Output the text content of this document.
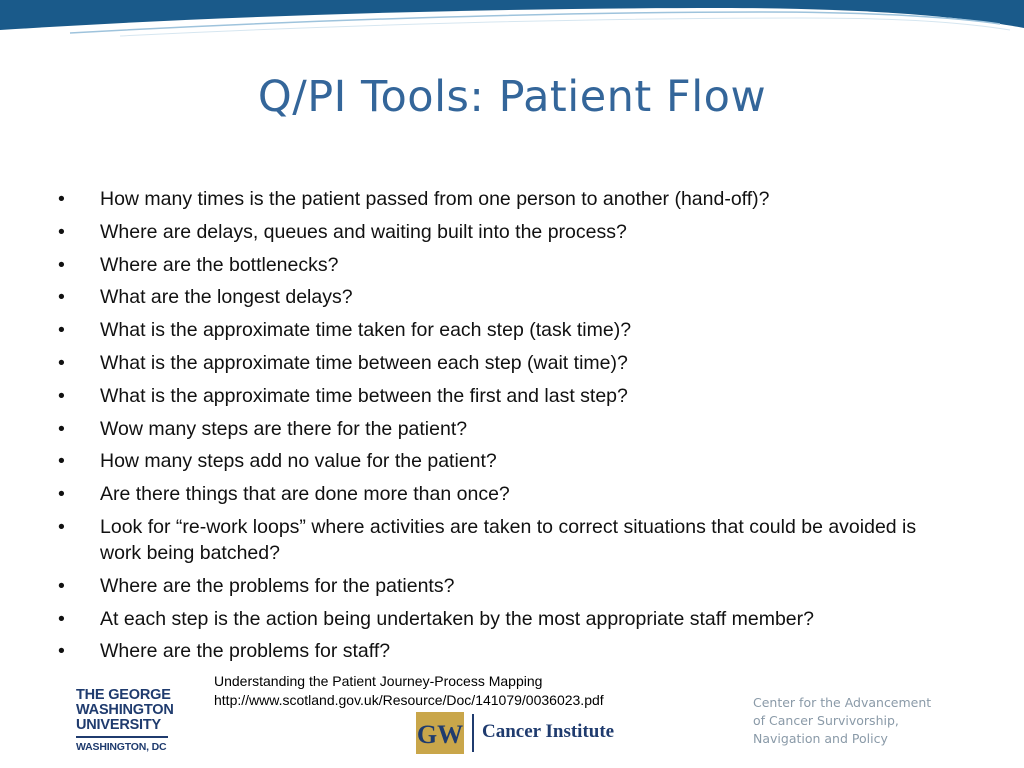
Q/PI Tools: Patient Flow
• How many times is the patient passed from one person to another (hand-off)?
• Where are delays, queues and waiting built into the process?
• Where are the bottlenecks?
• What are the longest delays?
• What is the approximate time taken for each step (task time)?
• What is the approximate time between each step (wait time)?
• What is the approximate time between the first and last step?
• Wow many steps are there for the patient?
• How many steps add no value for the patient?
• Are there things that are done more than once?
• Look for “re-work loops” where activities are taken to correct situations that could be avoided is work being batched?
• Where are the problems for the patients?
• At each step is the action being undertaken by the most appropriate staff member?
• Where are the problems for staff?
Understanding the Patient Journey-Process Mapping
http://www.scotland.gov.uk/Resource/Doc/141079/0036023.pdf
THE GEORGE
WASHINGTON
UNIVERSITY
WASHINGTON, DC	GW Cancer Institute
Center for the Advancement
of Cancer Survivorship,
Navigation and Policy
